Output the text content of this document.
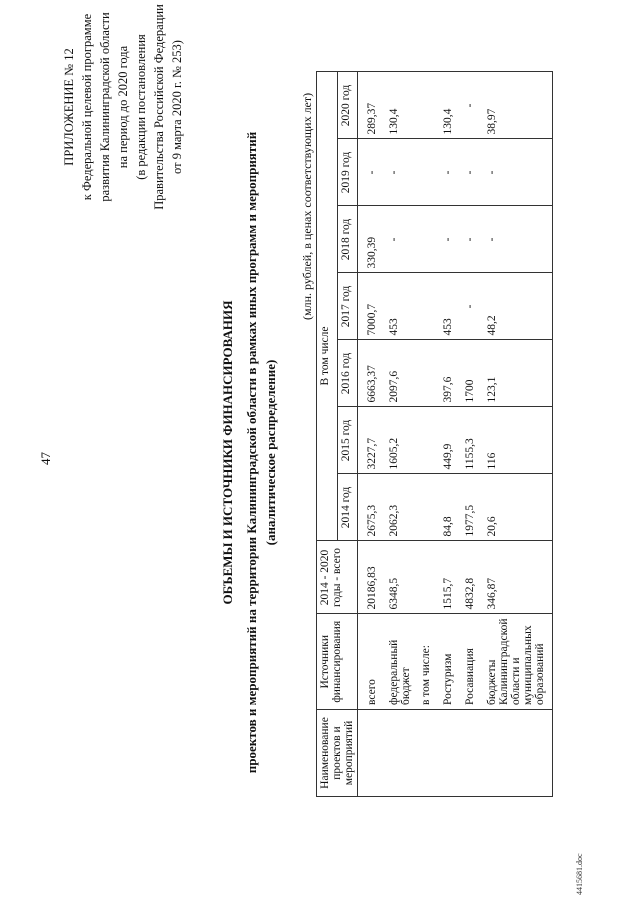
47
ПРИЛОЖЕНИЕ № 12 к Федеральной целевой программе развития Калининградской области на период до 2020 года (в редакции постановления Правительства Российской Федерации от 9 марта 2020 г. № 253)
ОБЪЕМЫ И ИСТОЧНИКИ ФИНАНСИРОВАНИЯ проектов и мероприятий на территории Калининградской области в рамках иных программ и мероприятий (аналитическое распределение)
(млн. рублей, в ценах соответствующих лет)
Наименование проектов и мероприятий	Источники финансирования	2014 - 2020 годы - всего	В том числе						
			2014 год	2015 год	2016 год	2017 год	2018 год	2019 год	2020 год
	всего	20186,83	2675,3	3227,7	6663,37	7000,7	330,39	-	289,37
	федеральный бюджет	6348,5	2062,3	1605,2	2097,6	453	-	-	130,4
	в том числе:								
	Ростуризм	1515,7	84,8	449,9	397,6	453	-	-	130,4
	Росавиация	4832,8	1977,5	1155,3	1700	-	-	-	-
	бюджеты Калининградской области и муниципальных образований	346,87	20,6	116	123,1	48,2	-	-	38,97
4415681.doc
